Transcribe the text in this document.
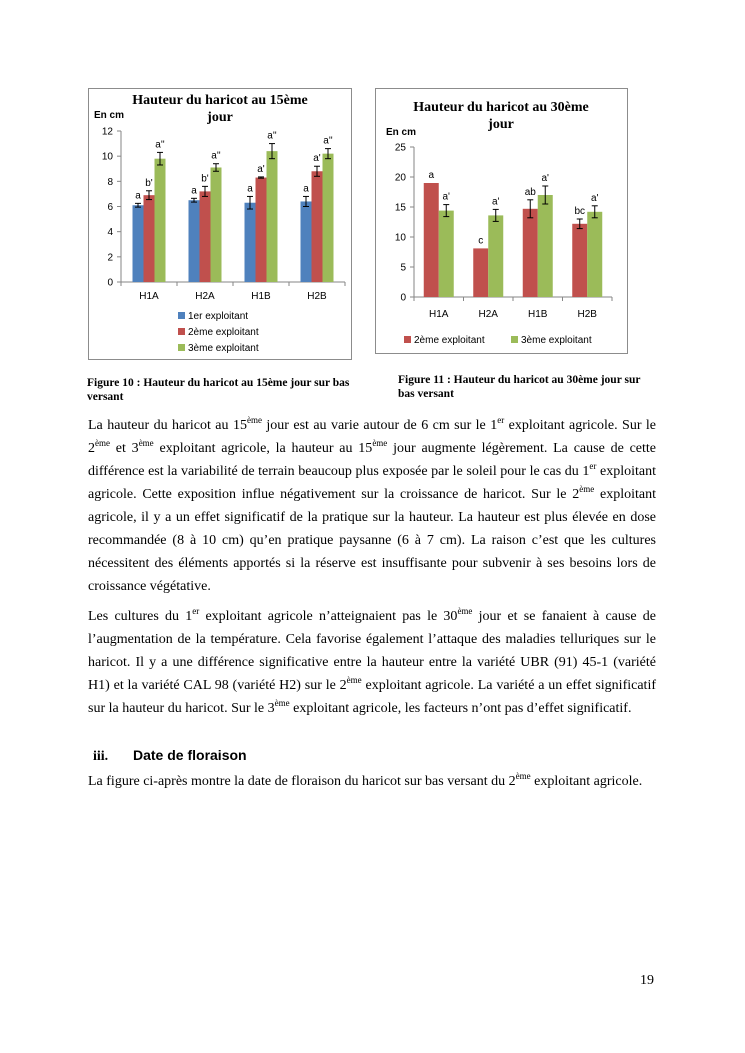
Hauteur du haricot au 15ème jour
En cm
0
2
4
6
8
10
12
H1A
a
b'
a''
H2A
a
b'
a''
H1B
a
a'
a''
H2B
a
a'
a''
1er exploitant
2ème exploitant
3ème exploitant
Hauteur du haricot au 30ème jour
En cm
0
5
10
15
20
25
H1A
a
a'
H2A
c
a'
H1B
ab
a'
H2B
bc
a'
2ème exploitant	3ème exploitant
Figure 10 : Hauteur du haricot au 15ème jour sur bas versant
Figure 11 : Hauteur du haricot au 30ème jour sur bas versant

La hauteur du haricot au 15ème jour est au varie autour de 6 cm sur le 1er exploitant agricole. Sur le 2ème et 3ème exploitant agricole, la hauteur au 15ème jour augmente légèrement. La cause de cette différence est la variabilité de terrain beaucoup plus exposée par le soleil pour le cas du 1er exploitant agricole. Cette exposition influe négativement sur la croissance de haricot. Sur le 2ème exploitant agricole, il y a un effet significatif de la pratique sur la hauteur. La hauteur est plus élevée en dose recommandée (8 à 10 cm) qu’en pratique paysanne (6 à 7 cm). La raison c’est que les cultures nécessitent des éléments apportés si la réserve est insuffisante pour subvenir à ses besoins lors de croissance végétative.

Les cultures du 1er exploitant agricole n’atteignaient pas le 30ème jour et se fanaient à cause de l’augmentation de la température. Cela favorise également l’attaque des maladies telluriques sur le haricot. Il y a une différence significative entre la hauteur entre la variété UBR (91) 45-1 (variété H1) et la variété CAL 98 (variété H2) sur le 2ème exploitant agricole. La variété a un effet significatif sur la hauteur du haricot. Sur le 3ème exploitant agricole, les facteurs n’ont pas d’effet significatif.

iii. Date de floraison

La figure ci-après montre la date de floraison du haricot sur bas versant du 2ème exploitant agricole.

19
